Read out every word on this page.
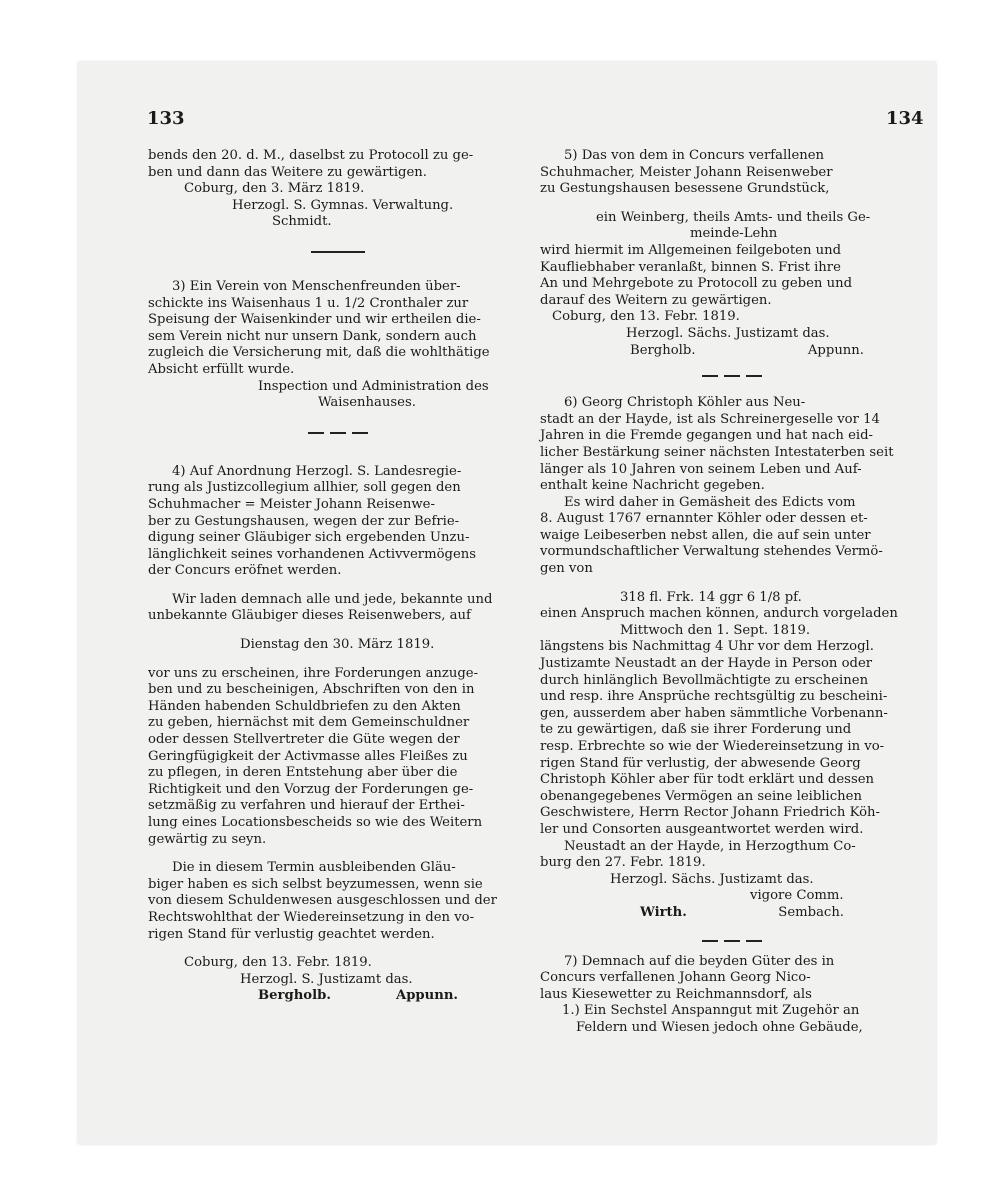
133	134

bends den 20. d. M., daselbst zu Protocoll zu ge-

ben und dann das Weitere zu gewärtigen.

Coburg, den 3. März 1819.

Herzogl. S. Gymnas. Verwaltung.

Schmidt.

3) Ein Verein von Menschenfreunden über-

schickte ins Waisenhaus 1 u. 1/2 Cronthaler zur

Speisung der Waisenkinder und wir ertheilen die-

sem Verein nicht nur unsern Dank, sondern auch

zugleich die Versicherung mit, daß die wohlthätige

Absicht erfüllt wurde.

Inspection und Administration des

Waisenhauses.

4) Auf Anordnung Herzogl. S. Landesregie-

rung als Justizcollegium allhier, soll gegen den

Schuhmacher = Meister Johann Reisenwe-

ber zu Gestungshausen, wegen der zur Befrie-

digung seiner Gläubiger sich ergebenden Unzu-

länglichkeit seines vorhandenen Activvermögens

der Concurs eröfnet werden.

Wir laden demnach alle und jede, bekannte und

unbekannte Gläubiger dieses Reisenwebers, auf

Dienstag den 30. März 1819.

vor uns zu erscheinen, ihre Forderungen anzuge-

ben und zu bescheinigen, Abschriften von den in

Händen habenden Schuldbriefen zu den Akten

zu geben, hiernächst mit dem Gemeinschuldner

oder dessen Stellvertreter die Güte wegen der

Geringfügigkeit der Activmasse alles Fleißes zu

zu pflegen, in deren Entstehung aber über die

Richtigkeit und den Vorzug der Forderungen ge-

setzmäßig zu verfahren und hierauf der Erthei-

lung eines Locationsbescheids so wie des Weitern

gewärtig zu seyn.

Die in diesem Termin ausbleibenden Gläu-

biger haben es sich selbst beyzumessen, wenn sie

von diesem Schuldenwesen ausgeschlossen und der

Rechtswohlthat der Wiedereinsetzung in den vo-

rigen Stand für verlustig geachtet werden.

Coburg, den 13. Febr. 1819.

Herzogl. S. Justizamt das.

Bergholb.	Appunn.

5) Das von dem in Concurs verfallenen

Schuhmacher, Meister Johann Reisenweber

zu Gestungshausen besessene Grundstück,

ein Weinberg, theils Amts- und theils Ge-

meinde-Lehn

wird hiermit im Allgemeinen feilgeboten und

Kaufliebhaber veranlaßt, binnen S. Frist ihre

An und Mehrgebote zu Protocoll zu geben und

darauf des Weitern zu gewärtigen.

Coburg, den 13. Febr. 1819.

Herzogl. Sächs. Justizamt das.

Bergholb.	Appunn.

6) Georg Christoph Köhler aus Neu-

stadt an der Hayde, ist als Schreinergeselle vor 14

Jahren in die Fremde gegangen und hat nach eid-

licher Bestärkung seiner nächsten Intestaterben seit

länger als 10 Jahren von seinem Leben und Auf-

enthalt keine Nachricht gegeben.

Es wird daher in Gemäsheit des Edicts vom

8. August 1767 ernannter Köhler oder dessen et-

waige Leibeserben nebst allen, die auf sein unter

vormundschaftlicher Verwaltung stehendes Vermö-

gen von

318 fl. Frk. 14 ggr 6 1/8 pf.

einen Anspruch machen können, andurch vorgeladen

Mittwoch den 1. Sept. 1819.

längstens bis Nachmittag 4 Uhr vor dem Herzogl.

Justizamte Neustadt an der Hayde in Person oder

durch hinlänglich Bevollmächtigte zu erscheinen

und resp. ihre Ansprüche rechtsgültig zu bescheini-

gen, ausserdem aber haben sämmtliche Vorbenann-

te zu gewärtigen, daß sie ihrer Forderung und

resp. Erbrechte so wie der Wiedereinsetzung in vo-

rigen Stand für verlustig, der abwesende Georg

Christoph Köhler aber für todt erklärt und dessen

obenangegebenes Vermögen an seine leiblichen

Geschwistere, Herrn Rector Johann Friedrich Köh-

ler und Consorten ausgeantwortet werden wird.

Neustadt an der Hayde, in Herzogthum Co-

burg den 27. Febr. 1819.

Herzogl. Sächs. Justizamt das.

vigore Comm.

Wirth.	Sembach.

7) Demnach auf die beyden Güter des in

Concurs verfallenen Johann Georg Nico-

laus Kiesewetter zu Reichmannsdorf, als

1.) Ein Sechstel Anspanngut mit Zugehör an

Feldern und Wiesen jedoch ohne Gebäude,
